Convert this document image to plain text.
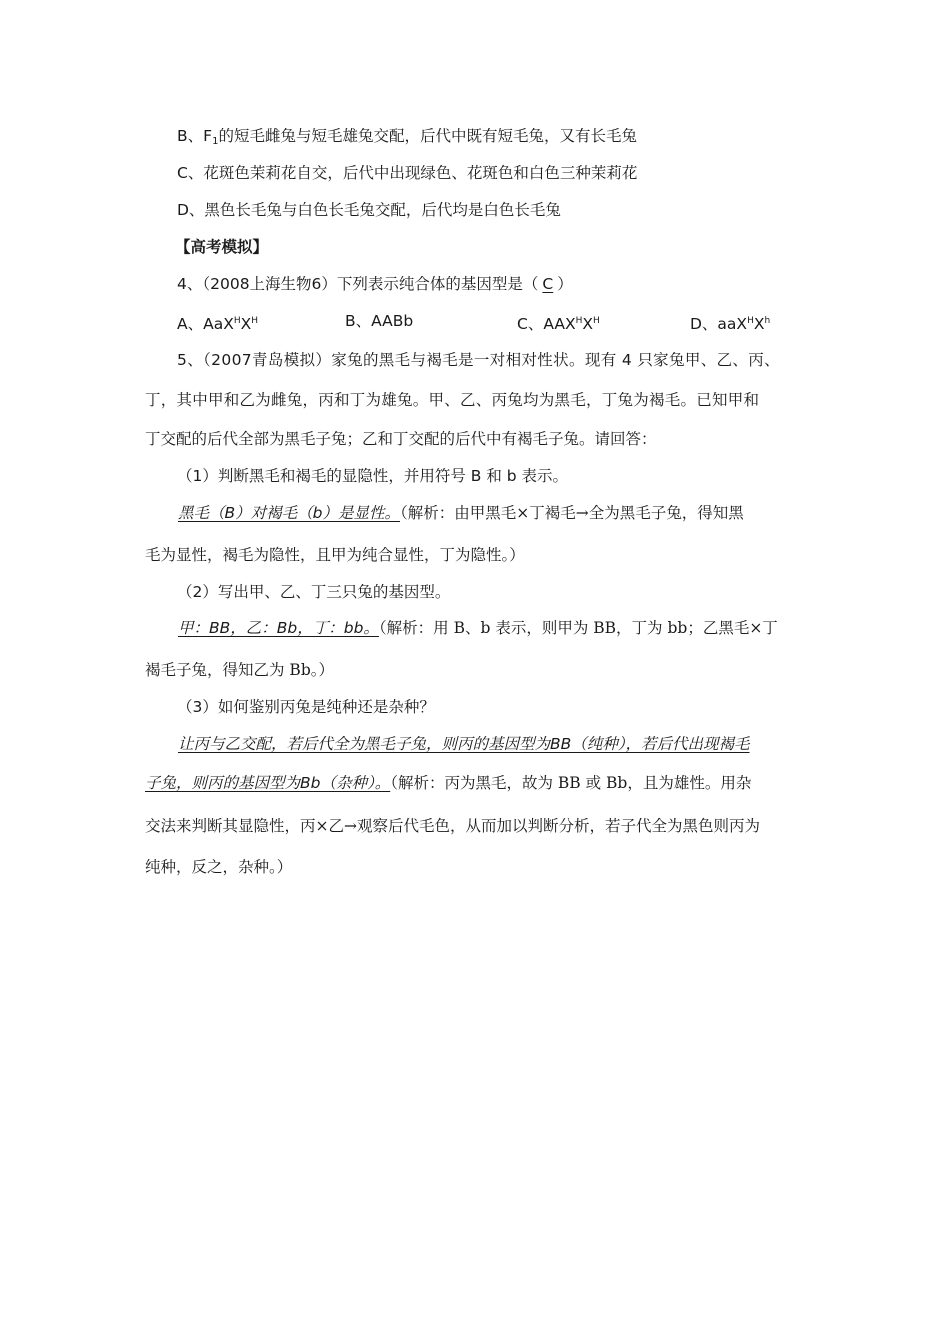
B、$F_1$的短毛雌兔与短毛雄兔交配，后代中既有短毛兔，又有长毛兔
C、花斑色茉莉花自交，后代中出现绿色、花斑色和白色三种茉莉花
D、黑色长毛兔与白色长毛兔交配，后代均是白色长毛兔
【高考模拟】
4、（2008上海生物6）下列表示纯合体的基因型是（ C ）
A、$AaX^HX^H$	B、AABb	C、$AAX^HX^H$	D、$aaX^HX^h$
5、（2007青岛模拟）家兔的黑毛与褐毛是一对相对性状。现有 4 只家兔甲、乙、丙、
丁，其中甲和乙为雌兔，丙和丁为雄兔。甲、乙、丙兔均为黑毛，丁兔为褐毛。已知甲和
丁交配的后代全部为黑毛子兔；乙和丁交配的后代中有褐毛子兔。请回答：
（1）判断黑毛和褐毛的显隐性，并用符号 B 和 b 表示。
黑毛（B）对褐毛（b）是显性。（解析：由甲黑毛×丁褐毛→全为黑毛子兔，得知黑
毛为显性，褐毛为隐性，且甲为纯合显性，丁为隐性。）
（2）写出甲、乙、丁三只兔的基因型。
甲：BB，乙：Bb，丁：bb。（解析：用 B、b 表示，则甲为 BB，丁为 bb；乙黑毛×丁
褐毛子兔，得知乙为 Bb。）
（3）如何鉴别丙兔是纯种还是杂种？
让丙与乙交配，若后代全为黑毛子兔，则丙的基因型为BB（纯种），若后代出现褐毛
子兔，则丙的基因型为Bb（杂种）。（解析：丙为黑毛，故为 BB 或 Bb，且为雄性。用杂
交法来判断其显隐性，丙×乙→观察后代毛色，从而加以判断分析，若子代全为黑色则丙为
纯种，反之，杂种。）
